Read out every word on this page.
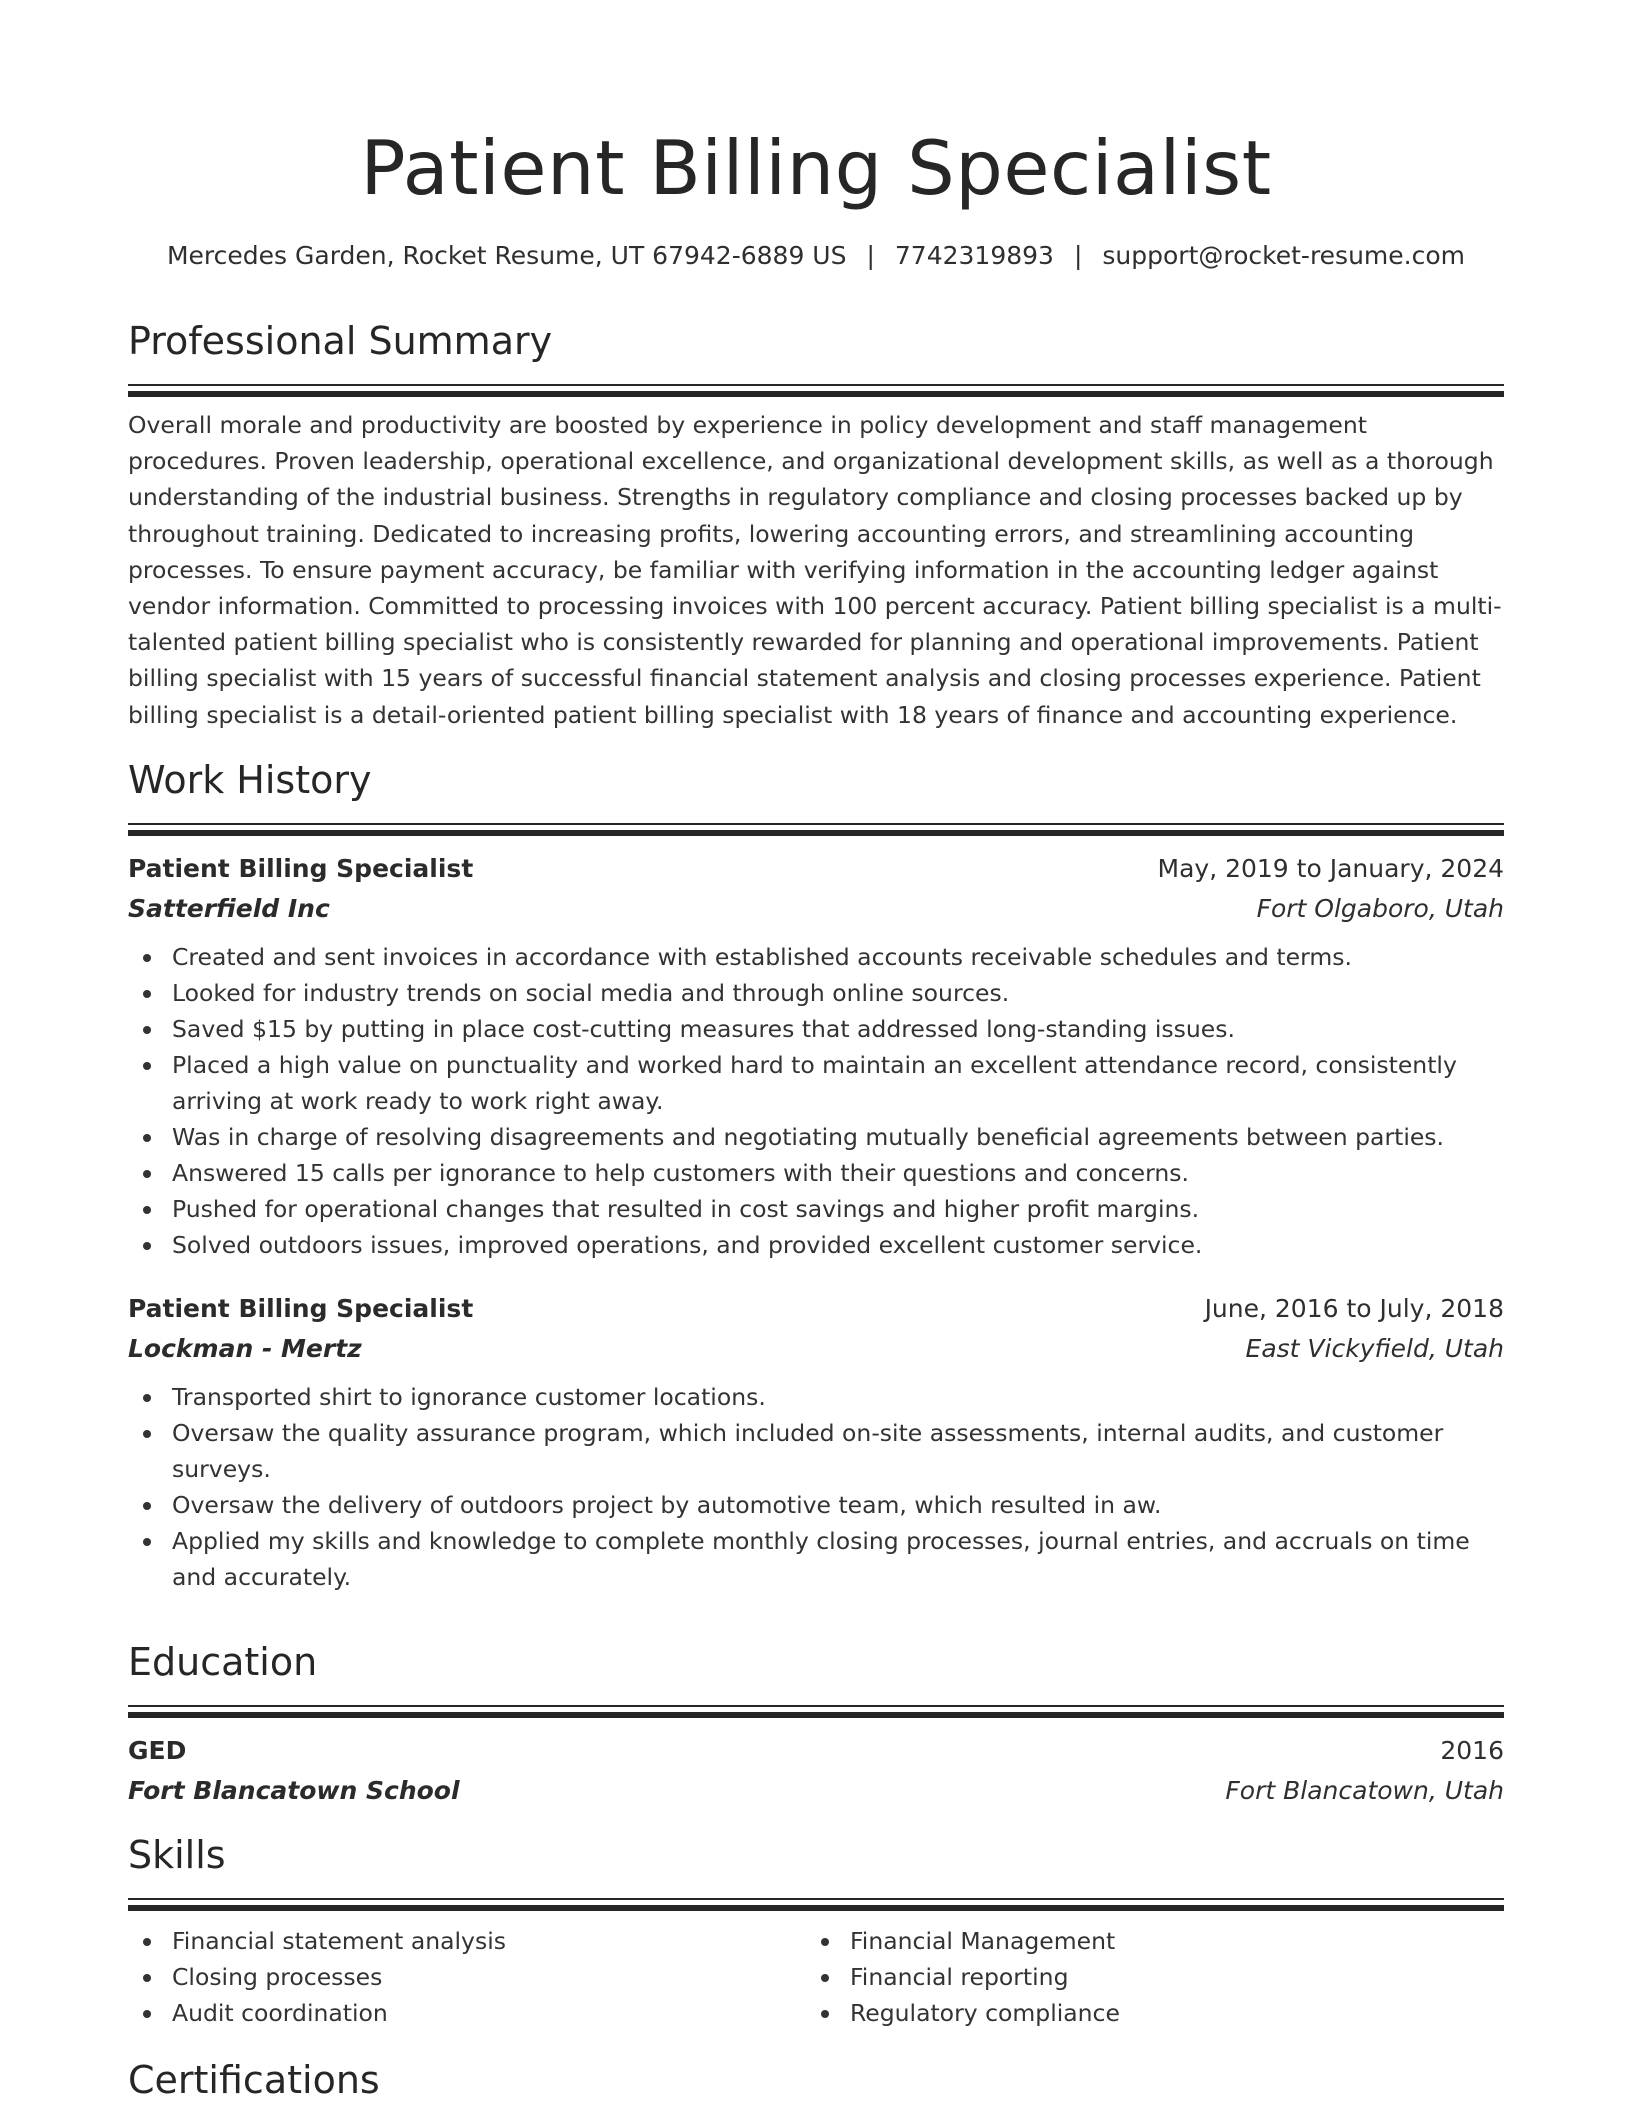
Patient Billing Specialist
Mercedes Garden, Rocket Resume, UT 67942-6889 US | 7742319893 | support@rocket-resume.com
Professional Summary

Overall morale and productivity are boosted by experience in policy development and staff management procedures. Proven leadership, operational excellence, and organizational development skills, as well as a thorough understanding of the industrial business. Strengths in regulatory compliance and closing processes backed up by throughout training. Dedicated to increasing profits, lowering accounting errors, and streamlining accounting processes. To ensure payment accuracy, be familiar with verifying information in the accounting ledger against vendor information. Committed to processing invoices with 100 percent accuracy. Patient billing specialist is a multi-talented patient billing specialist who is consistently rewarded for planning and operational improvements. Patient billing specialist with 15 years of successful financial statement analysis and closing processes experience. Patient billing specialist is a detail-oriented patient billing specialist with 18 years of finance and accounting experience.

Work History
Patient Billing Specialist	May, 2019 to January, 2024
Satterfield Inc	Fort Olgaboro, Utah
Created and sent invoices in accordance with established accounts receivable schedules and terms.
Looked for industry trends on social media and through online sources.
Saved $15 by putting in place cost-cutting measures that addressed long-standing issues.
Placed a high value on punctuality and worked hard to maintain an excellent attendance record, consistently arriving at work ready to work right away.
Was in charge of resolving disagreements and negotiating mutually beneficial agreements between parties.
Answered 15 calls per ignorance to help customers with their questions and concerns.
Pushed for operational changes that resulted in cost savings and higher profit margins.
Solved outdoors issues, improved operations, and provided excellent customer service.
Patient Billing Specialist	June, 2016 to July, 2018
Lockman - Mertz	East Vickyfield, Utah
Transported shirt to ignorance customer locations.
Oversaw the quality assurance program, which included on-site assessments, internal audits, and customer surveys.
Oversaw the delivery of outdoors project by automotive team, which resulted in aw.
Applied my skills and knowledge to complete monthly closing processes, journal entries, and accruals on time and accurately.
Education
GED	2016
Fort Blancatown School	Fort Blancatown, Utah
Skills
Financial statement analysis
Closing processes
Audit coordination
Financial Management
Financial reporting
Regulatory compliance
Certifications
